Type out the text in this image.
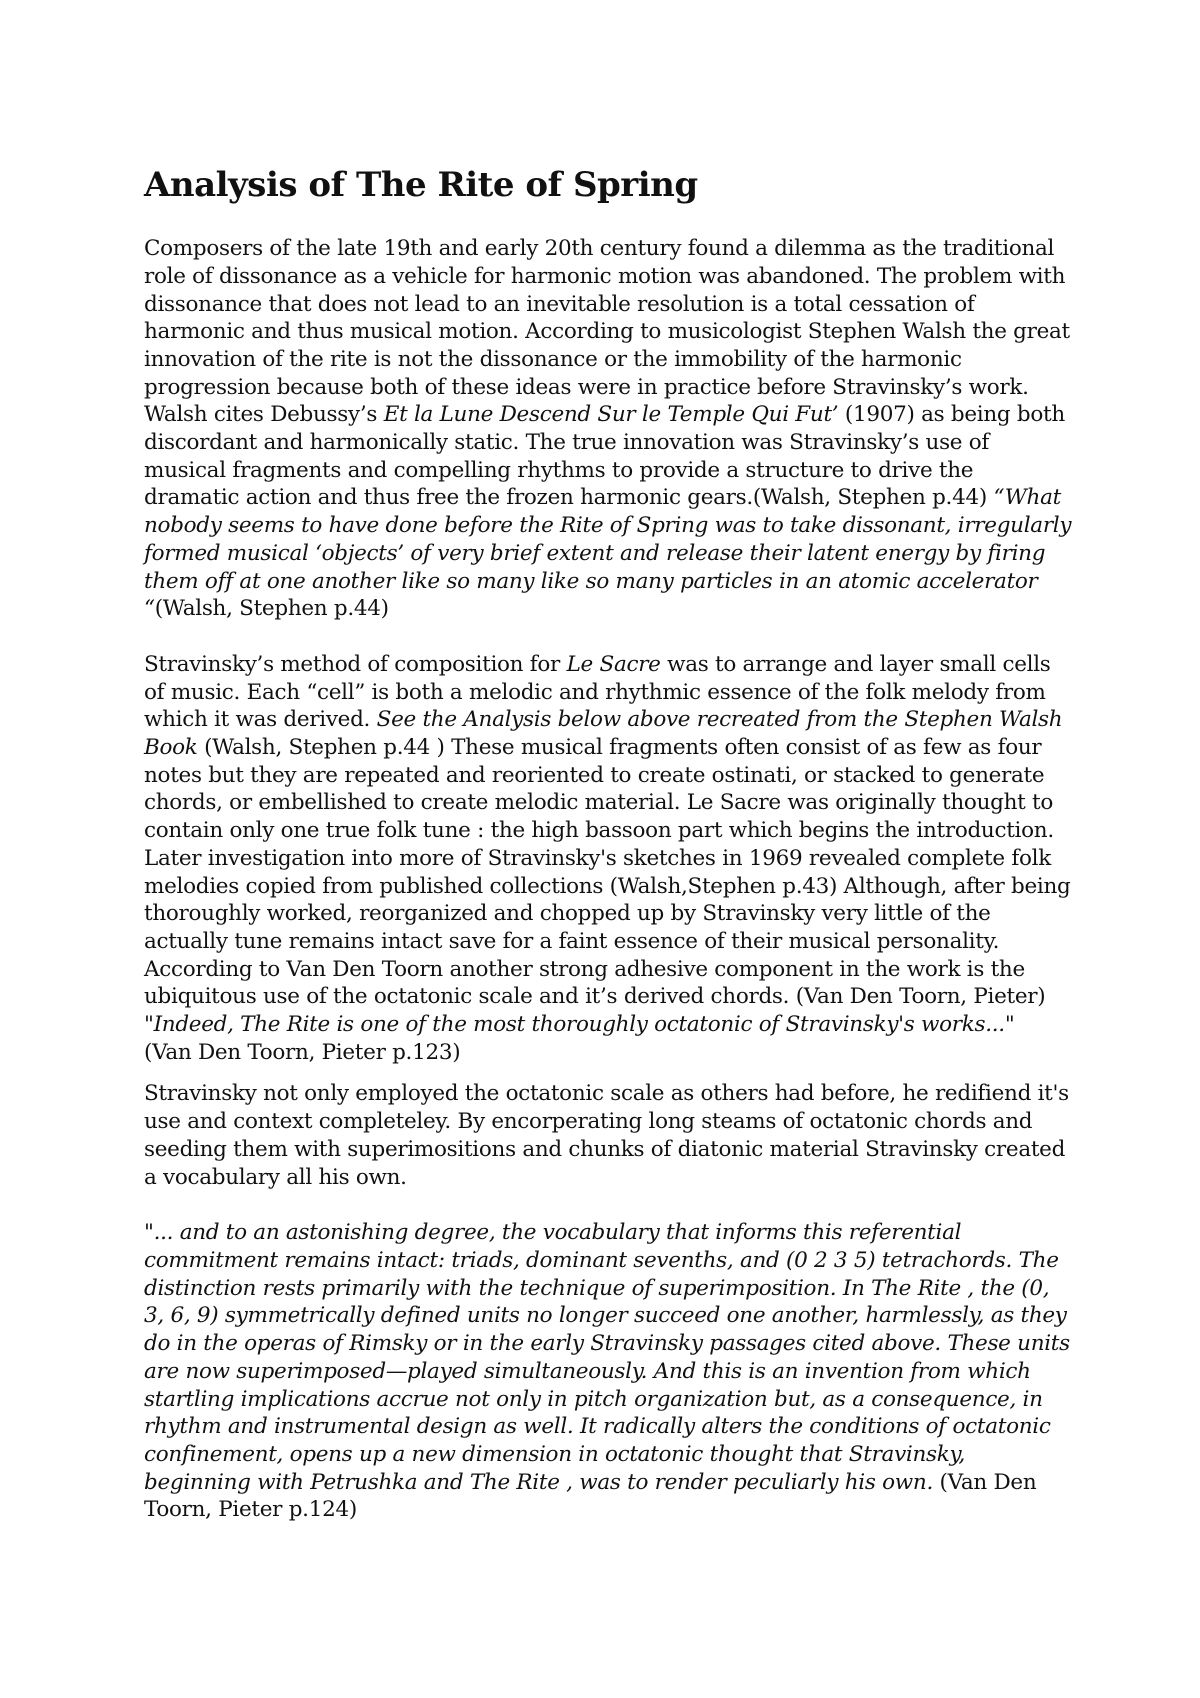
Analysis of The Rite of Spring

Composers of the late 19th and early 20th century found a dilemma as the traditional role of dissonance as a vehicle for harmonic motion was abandoned. The problem with dissonance that does not lead to an inevitable resolution is a total cessation of harmonic and thus musical motion. According to musicologist Stephen Walsh the great innovation of the rite is not the dissonance or the immobility of the harmonic progression because both of these ideas were in practice before Stravinsky’s work. Walsh cites Debussy’s Et la Lune Descend Sur le Temple Qui Fut’ (1907) as being both discordant and harmonically static. The true innovation was Stravinsky’s use of musical fragments and compelling rhythms to provide a structure to drive the dramatic action and thus free the frozen harmonic gears.(Walsh, Stephen p.44) “What nobody seems to have done before the Rite of Spring was to take dissonant, irregularly formed musical ‘objects’ of very brief extent and release their latent energy by firing them off at one another like so many like so many particles in an atomic accelerator “(Walsh, Stephen p.44)

Stravinsky’s method of composition for Le Sacre was to arrange and layer small cells of music. Each “cell” is both a melodic and rhythmic essence of the folk melody from which it was derived. See the Analysis below above recreated from the Stephen Walsh Book (Walsh, Stephen p.44 ) These musical fragments often consist of as few as four notes but they are repeated and reoriented to create ostinati, or stacked to generate chords, or embellished to create melodic material. Le Sacre was originally thought to contain only one true folk tune : the high bassoon part which begins the introduction. Later investigation into more of Stravinsky's sketches in 1969 revealed complete folk melodies copied from published collections (Walsh,Stephen p.43) Although, after being thoroughly worked, reorganized and chopped up by Stravinsky very little of the actually tune remains intact save for a faint essence of their musical personality. According to Van Den Toorn another strong adhesive component in the work is the ubiquitous use of the octatonic scale and it’s derived chords. (Van Den Toorn, Pieter)

"Indeed, The Rite is one of the most thoroughly octatonic of Stravinsky's works..."
(Van Den Toorn, Pieter p.123)

Stravinsky not only employed the octatonic scale as others had before, he redifiend it's use and context completeley. By encorperating long steams of octatonic chords and seeding them with superimositions and chunks of diatonic material Stravinsky created a vocabulary all his own.

"... and to an astonishing degree, the vocabulary that informs this referential commitment remains intact: triads, dominant sevenths, and (0 2 3 5) tetrachords. The distinction rests primarily with the technique of superimposition. In The Rite , the (0, 3, 6, 9) symmetrically defined units no longer succeed one another, harmlessly, as they do in the operas of Rimsky or in the early Stravinsky passages cited above. These units are now superimposed—played simultaneously. And this is an invention from which startling implications accrue not only in pitch organization but, as a consequence, in rhythm and instrumental design as well. It radically alters the conditions of octatonic confinement, opens up a new dimension in octatonic thought that Stravinsky, beginning with Petrushka and The Rite , was to render peculiarly his own. (Van Den Toorn, Pieter p.124)
